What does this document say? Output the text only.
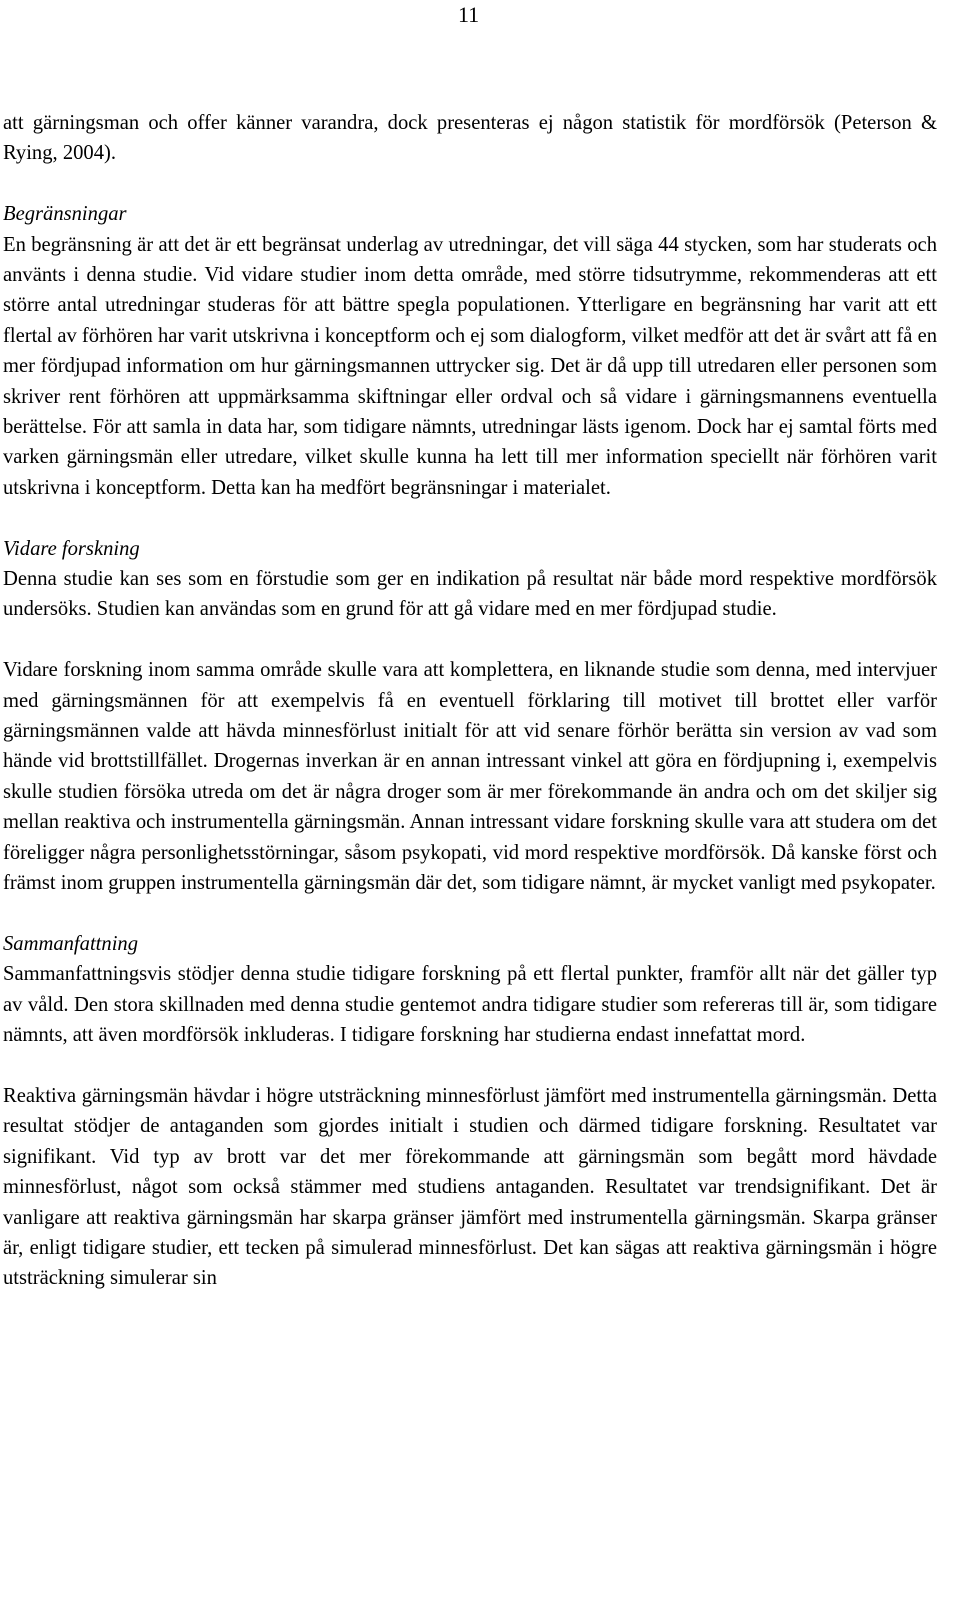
11

att gärningsman och offer känner varandra, dock presenteras ej någon statistik för mordförsök (Peterson & Rying, 2004).

Begränsningar

En begränsning är att det är ett begränsat underlag av utredningar, det vill säga 44 stycken, som har studerats och använts i denna studie. Vid vidare studier inom detta område, med större tidsutrymme, rekommenderas att ett större antal utredningar studeras för att bättre spegla populationen. Ytterligare en begränsning har varit att ett flertal av förhören har varit utskrivna i konceptform och ej som dialogform, vilket medför att det är svårt att få en mer fördjupad information om hur gärningsmannen uttrycker sig. Det är då upp till utredaren eller personen som skriver rent förhören att uppmärksamma skiftningar eller ordval och så vidare i gärningsmannens eventuella berättelse. För att samla in data har, som tidigare nämnts, utredningar lästs igenom. Dock har ej samtal förts med varken gärningsmän eller utredare, vilket skulle kunna ha lett till mer information speciellt när förhören varit utskrivna i konceptform. Detta kan ha medfört begränsningar i materialet.

Vidare forskning

Denna studie kan ses som en förstudie som ger en indikation på resultat när både mord respektive mordförsök undersöks. Studien kan användas som en grund för att gå vidare med en mer fördjupad studie.

Vidare forskning inom samma område skulle vara att komplettera, en liknande studie som denna, med intervjuer med gärningsmännen för att exempelvis få en eventuell förklaring till motivet till brottet eller varför gärningsmännen valde att hävda minnesförlust initialt för att vid senare förhör berätta sin version av vad som hände vid brottstillfället. Drogernas inverkan är en annan intressant vinkel att göra en fördjupning i, exempelvis skulle studien försöka utreda om det är några droger som är mer förekommande än andra och om det skiljer sig mellan reaktiva och instrumentella gärningsmän. Annan intressant vidare forskning skulle vara att studera om det föreligger några personlighetsstörningar, såsom psykopati, vid mord respektive mordförsök. Då kanske först och främst inom gruppen instrumentella gärningsmän där det, som tidigare nämnt, är mycket vanligt med psykopater.

Sammanfattning

Sammanfattningsvis stödjer denna studie tidigare forskning på ett flertal punkter, framför allt när det gäller typ av våld. Den stora skillnaden med denna studie gentemot andra tidigare studier som refereras till är, som tidigare nämnts, att även mordförsök inkluderas. I tidigare forskning har studierna endast innefattat mord.

Reaktiva gärningsmän hävdar i högre utsträckning minnesförlust jämfört med instrumentella gärningsmän. Detta resultat stödjer de antaganden som gjordes initialt i studien och därmed tidigare forskning. Resultatet var signifikant. Vid typ av brott var det mer förekommande att gärningsmän som begått mord hävdade minnesförlust, något som också stämmer med studiens antaganden. Resultatet var trendsignifikant. Det är vanligare att reaktiva gärningsmän har skarpa gränser jämfört med instrumentella gärningsmän. Skarpa gränser är, enligt tidigare studier, ett tecken på simulerad minnesförlust. Det kan sägas att reaktiva gärningsmän i högre utsträckning simulerar sin
